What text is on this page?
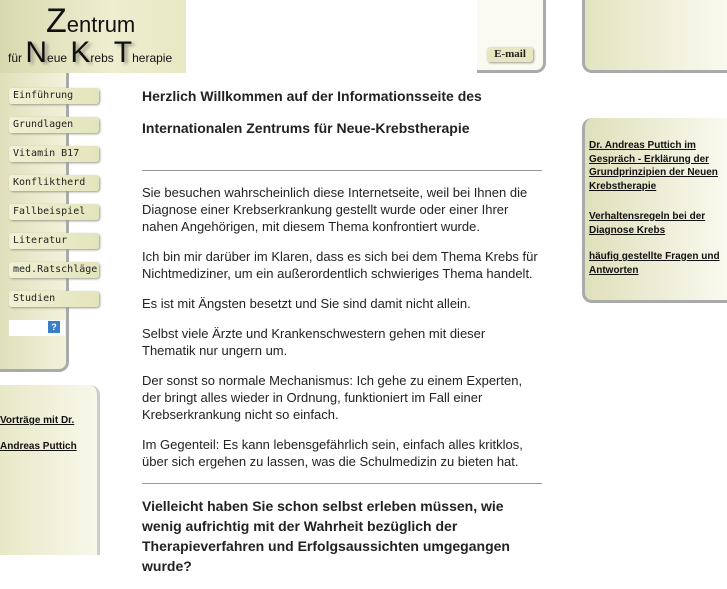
Zentrum
für Neue KrebsTherapie
Einführung
Grundlagen
Vitamin B17
Konfliktherd
Fallbeispiel
Literatur
med.Ratschläge
Studien
?
Vorträge mit Dr.
Andreas Puttich
E-mail
Dr. Andreas Puttich im Gespräch - Erklärung der Grundprinzipien der Neuen Krebstherapie
Verhaltensregeln bei der Diagnose Krebs
häufig gestellte Fragen und Antworten
Herzlich Willkommen auf der Informationsseite des
Internationalen Zentrums für Neue-Krebstherapie

Sie besuchen wahrscheinlich diese Internetseite, weil bei Ihnen die Diagnose einer Krebserkrankung gestellt wurde oder einer Ihrer nahen Angehörigen, mit diesem Thema konfrontiert wurde.

Ich bin mir darüber im Klaren, dass es sich bei dem Thema Krebs für Nichtmediziner, um ein außerordentlich schwieriges Thema handelt.

Es ist mit Ängsten besetzt und Sie sind damit nicht allein.

Selbst viele Ärzte und Krankenschwestern gehen mit dieser Thematik nur ungern um.

Der sonst so normale Mechanismus: Ich gehe zu einem Experten, der bringt alles wieder in Ordnung, funktioniert im Fall einer Krebserkrankung nicht so einfach.

Im Gegenteil: Es kann lebensgefährlich sein, einfach alles kritklos, über sich ergehen zu lassen, was die Schulmedizin zu bieten hat.

Vielleicht haben Sie schon selbst erleben müssen, wie wenig aufrichtig mit der Wahrheit bezüglich der Therapieverfahren und Erfolgsaussichten umgegangen wurde?
